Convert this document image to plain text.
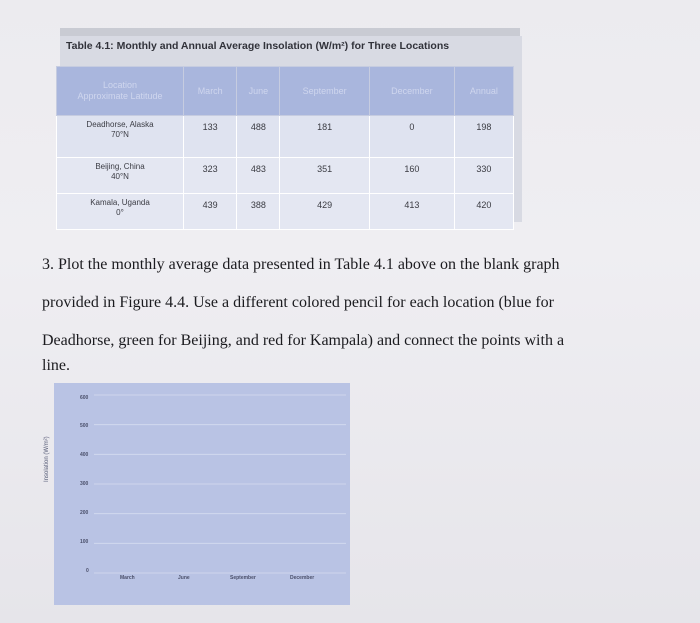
Table 4.1: Monthly and Annual Average Insolation (W/m²) for Three Locations
Location
Approximate Latitude	March	June	September	December	Annual
Deadhorse, Alaska
70°N	133	488	181	0	198
Beijing, China
40°N	323	483	351	160	330
Kamala, Uganda
0°	439	388	429	413	420

3. Plot the monthly average data presented in Table 4.1 above on the blank graph

provided in Figure 4.4. Use a different colored pencil for each location (blue for

Deadhorse, green for Beijing, and red for Kampala) and connect the points with a

line.

Insolation (W/m²)
600
500
400
300
200
100
0
March	June	September	December
